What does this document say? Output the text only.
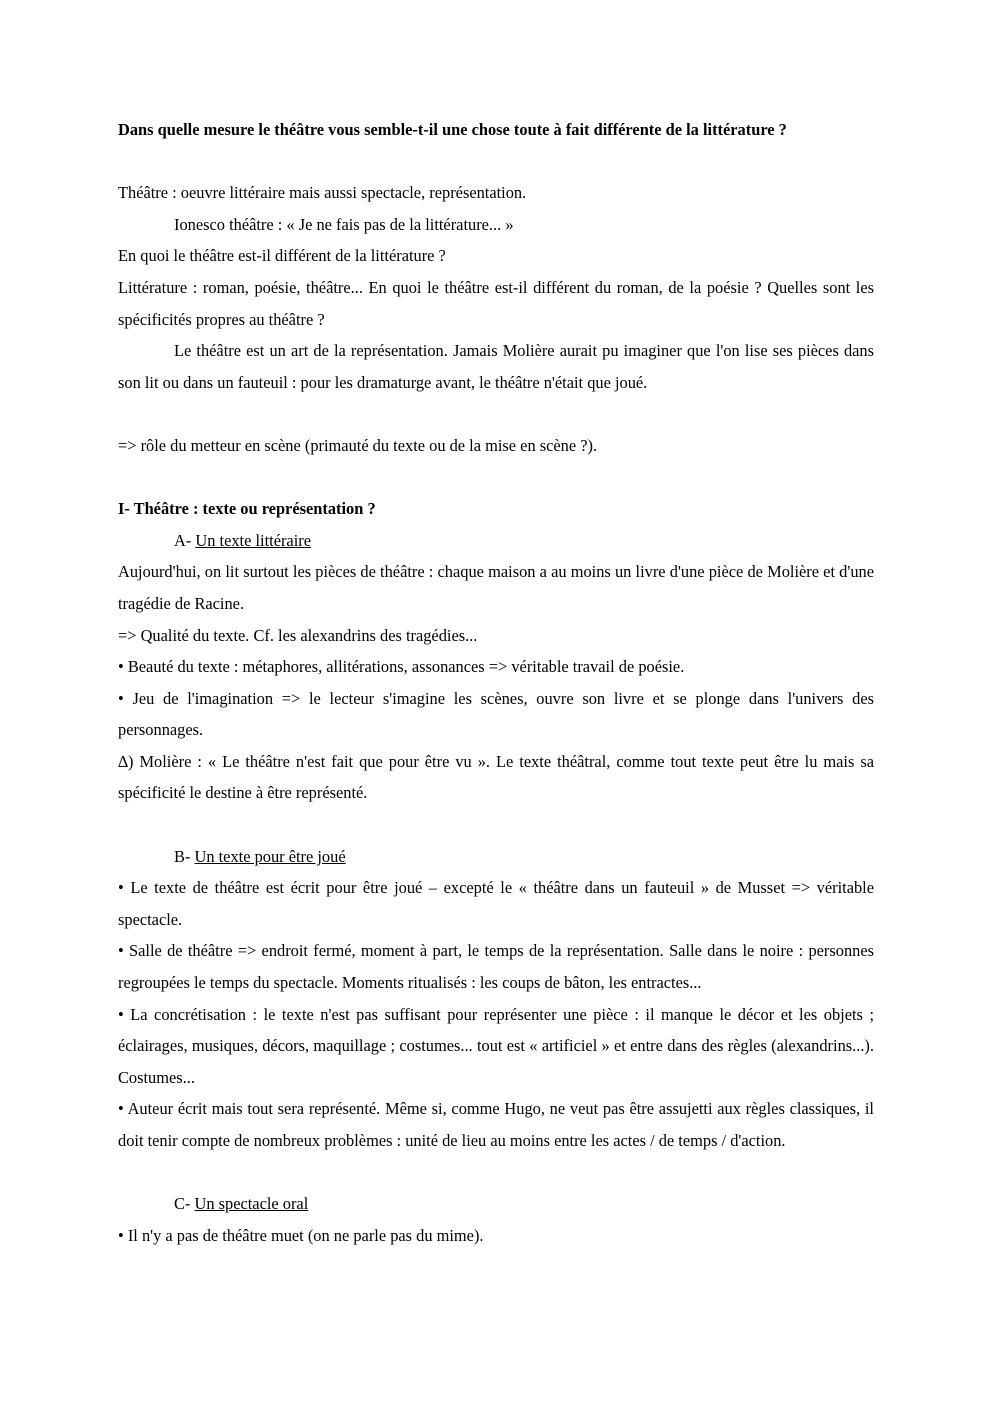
Dans quelle mesure le théâtre vous semble-t-il une chose toute à fait différente de la littérature ?

Théâtre : oeuvre littéraire mais aussi spectacle, représentation.

Ionesco théâtre : « Je ne fais pas de la littérature... »

En quoi le théâtre est-il différent de la littérature ?

Littérature : roman, poésie, théâtre... En quoi le théâtre est-il différent du roman, de la poésie ? Quelles sont les spécificités propres au théâtre ?

Le théâtre est un art de la représentation. Jamais Molière aurait pu imaginer que l'on lise ses pièces dans son lit ou dans un fauteuil : pour les dramaturge avant, le théâtre n'était que joué.

=> rôle du metteur en scène (primauté du texte ou de la mise en scène ?).

I- Théâtre : texte ou représentation ?

A- Un texte littéraire

Aujourd'hui, on lit surtout les pièces de théâtre : chaque maison a au moins un livre d'une pièce de Molière et d'une tragédie de Racine.

=> Qualité du texte. Cf. les alexandrins des tragédies...

• Beauté du texte : métaphores, allitérations, assonances => véritable travail de poésie.

• Jeu de l'imagination => le lecteur s'imagine les scènes, ouvre son livre et se plonge dans l'univers des personnages.

∆) Molière : « Le théâtre n'est fait que pour être vu ». Le texte théâtral, comme tout texte peut être lu mais sa spécificité le destine à être représenté.

B- Un texte pour être joué

• Le texte de théâtre est écrit pour être joué – excepté le « théâtre dans un fauteuil » de Musset => véritable spectacle.

• Salle de théâtre => endroit fermé, moment à part, le temps de la représentation. Salle dans le noire : personnes regroupées le temps du spectacle. Moments ritualisés : les coups de bâton, les entractes...

• La concrétisation : le texte n'est pas suffisant pour représenter une pièce : il manque le décor et les objets ; éclairages, musiques, décors, maquillage ; costumes... tout est « artificiel » et entre dans des règles (alexandrins...). Costumes...

• Auteur écrit mais tout sera représenté. Même si, comme Hugo, ne veut pas être assujetti aux règles classiques, il doit tenir compte de nombreux problèmes : unité de lieu au moins entre les actes / de temps / d'action.

C- Un spectacle oral

• Il n'y a pas de théâtre muet (on ne parle pas du mime).
